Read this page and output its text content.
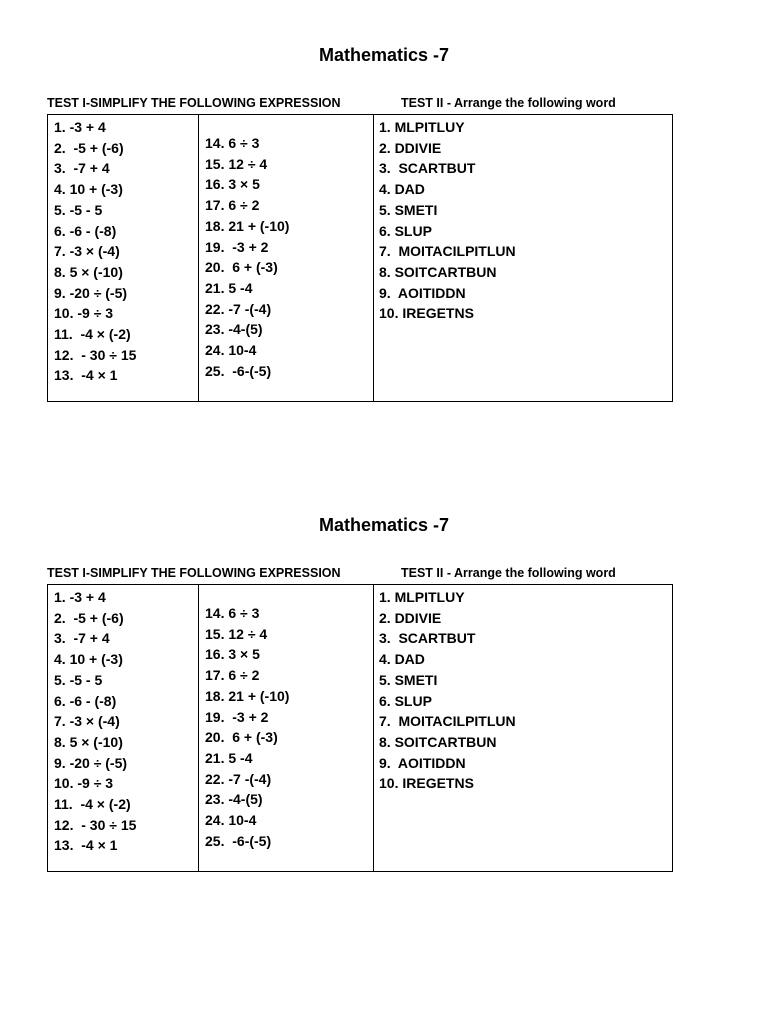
Mathematics -7
TEST I-SIMPLIFY THE FOLLOWING EXPRESSION	TEST II - Arrange the following word
1. -3 + 4
2.  -5 + (-6)
3.  -7 + 4
4. 10 + (-3)
5. -5 - 5
6. -6 - (-8)
7. -3 × (-4)
8. 5 × (-10)
9. -20 ÷ (-5)
10. -9 ÷ 3
11.  -4 × (-2)
12.  - 30 ÷ 15
13.  -4 × 1
14. 6 ÷ 3
15. 12 ÷ 4
16. 3 × 5
17. 6 ÷ 2
18. 21 + (-10)
19.  -3 + 2
20.  6 + (-3)
21. 5 -4
22. -7 -(-4)
23. -4-(5)
24. 10-4
25.  -6-(-5)
1. MLPITLUY
2. DDIVIE
3.  SCARTBUT
4. DAD
5. SMETI
6. SLUP
7.  MOITACILPITLUN
8. SOITCARTBUN
9.  AOITIDDN
10. IREGETNS
Mathematics -7
TEST I-SIMPLIFY THE FOLLOWING EXPRESSION	TEST II - Arrange the following word
1. -3 + 4
2.  -5 + (-6)
3.  -7 + 4
4. 10 + (-3)
5. -5 - 5
6. -6 - (-8)
7. -3 × (-4)
8. 5 × (-10)
9. -20 ÷ (-5)
10. -9 ÷ 3
11.  -4 × (-2)
12.  - 30 ÷ 15
13.  -4 × 1
14. 6 ÷ 3
15. 12 ÷ 4
16. 3 × 5
17. 6 ÷ 2
18. 21 + (-10)
19.  -3 + 2
20.  6 + (-3)
21. 5 -4
22. -7 -(-4)
23. -4-(5)
24. 10-4
25.  -6-(-5)
1. MLPITLUY
2. DDIVIE
3.  SCARTBUT
4. DAD
5. SMETI
6. SLUP
7.  MOITACILPITLUN
8. SOITCARTBUN
9.  AOITIDDN
10. IREGETNS
